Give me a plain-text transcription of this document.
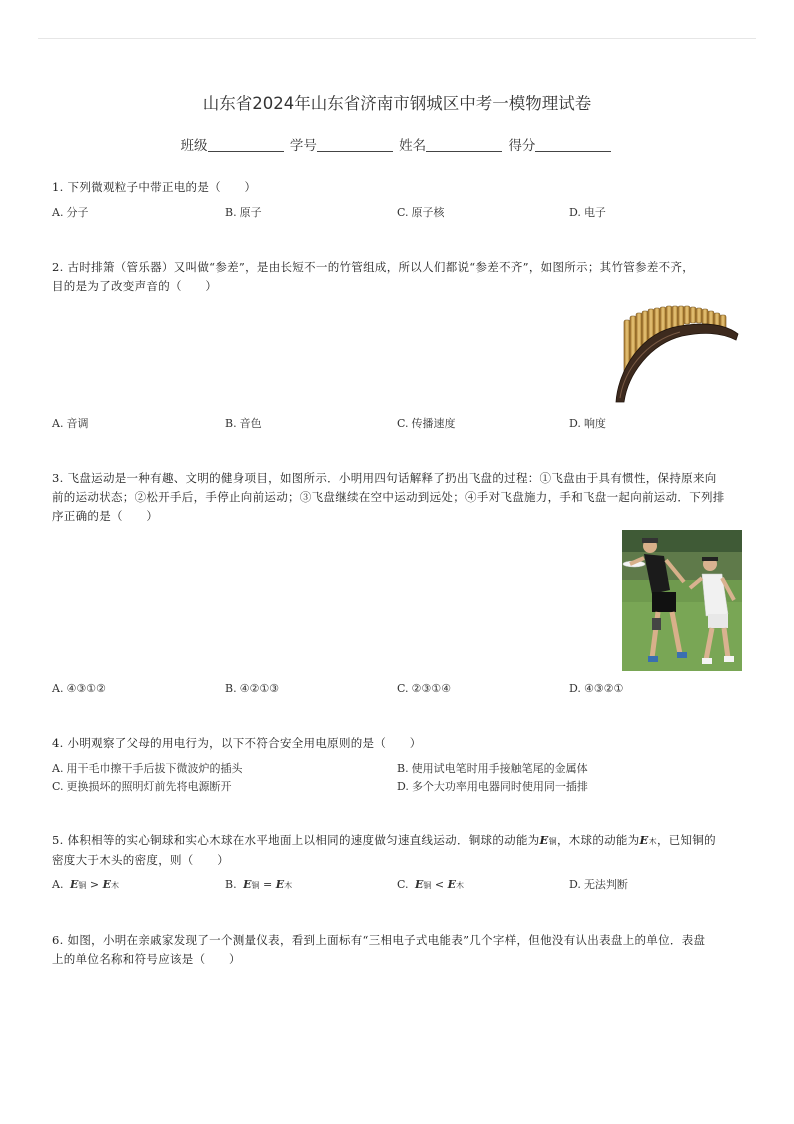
山东省2024年山东省济南市钢城区中考一模物理试卷
班级	学号	姓名	得分
1. 下列微观粒子中带正电的是（　　）
A. 分子	B. 原子	C. 原子核	D. 电子
2. 古时排箫（管乐器）又叫做“参差”，是由长短不一的竹管组成，所以人们都说“参差不齐”，如图所示；其竹管参差不齐，
目的是为了改变声音的（　　）
A. 音调	B. 音色	C. 传播速度	D. 响度
3. 飞盘运动是一种有趣、文明的健身项目，如图所示．小明用四句话解释了扔出飞盘的过程：①飞盘由于具有惯性，保持原来向
前的运动状态；②松开手后，手停止向前运动；③飞盘继续在空中运动到远处；④手对飞盘施力，手和飞盘一起向前运动．下列排
序正确的是（　　）
A. ④③①②	B. ④②①③	C. ②③①④	D. ④③②①
4. 小明观察了父母的用电行为，以下不符合安全用电原则的是（　　）
A. 用干毛巾擦干手后拔下微波炉的插头	B. 使用试电笔时用手接触笔尾的金属体
C. 更换损坏的照明灯前先将电源断开	D. 多个大功率用电器同时使用同一插排
5. 体积相等的实心铜球和实心木球在水平地面上以相同的速度做匀速直线运动．铜球的动能为E铜，木球的动能为E木，已知铜的
密度大于木头的密度，则（　　）
A. E铜 > E木	B. E铜 = E木	C. E铜 < E木	D. 无法判断
6. 如图，小明在亲戚家发现了一个测量仪表，看到上面标有“三相电子式电能表”几个字样，但他没有认出表盘上的单位．表盘
上的单位名称和符号应该是（　　）
